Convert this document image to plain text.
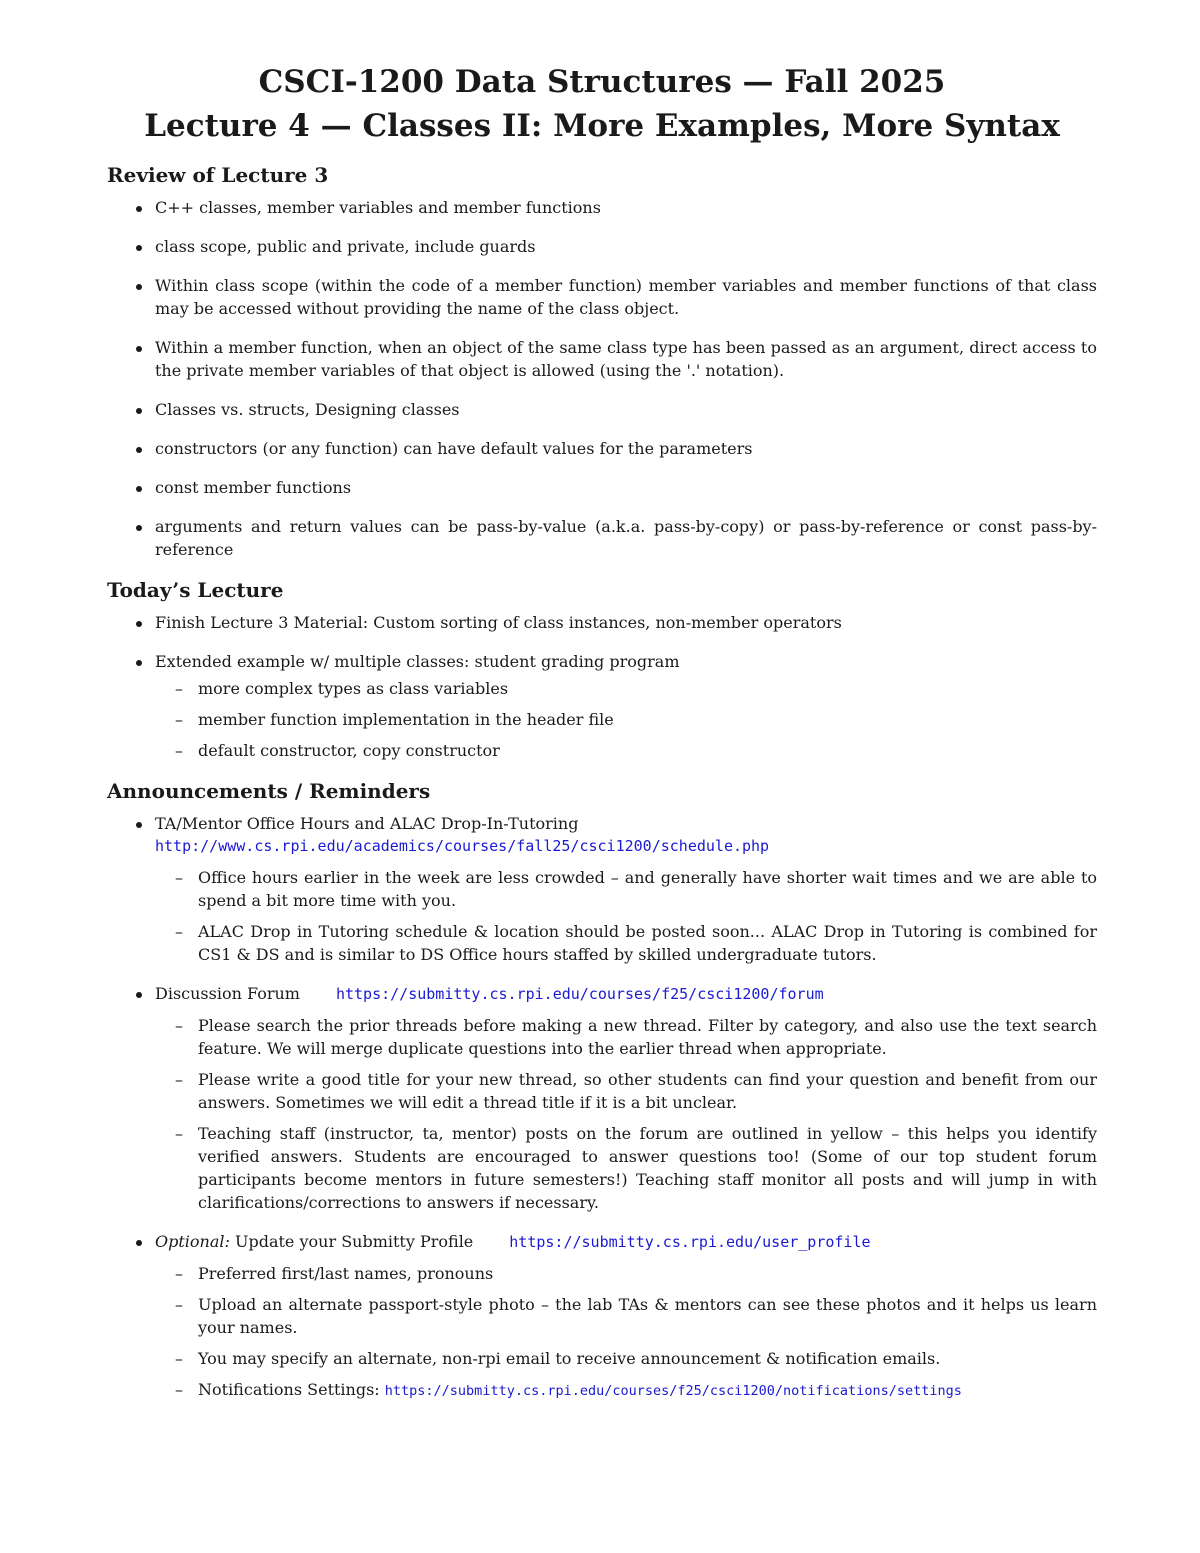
CSCI-1200 Data Structures — Fall 2025
Lecture 4 — Classes II: More Examples, More Syntax
Review of Lecture 3
C++ classes, member variables and member functions
class scope, public and private, include guards
Within class scope (within the code of a member function) member variables and member functions of that class may be accessed without providing the name of the class object.
Within a member function, when an object of the same class type has been passed as an argument, direct access to the private member variables of that object is allowed (using the '.' notation).
Classes vs. structs, Designing classes
constructors (or any function) can have default values for the parameters
const member functions
arguments and return values can be pass-by-value (a.k.a. pass-by-copy) or pass-by-reference or const pass-by-reference
Today’s Lecture
Finish Lecture 3 Material: Custom sorting of class instances, non-member operators
Extended example w/ multiple classes: student grading program
– more complex types as class variables
– member function implementation in the header file
– default constructor, copy constructor
Announcements / Reminders
TA/Mentor Office Hours and ALAC Drop-In-Tutoring
http://www.cs.rpi.edu/academics/courses/fall25/csci1200/schedule.php
– Office hours earlier in the week are less crowded – and generally have shorter wait times and we are able to spend a bit more time with you.
– ALAC Drop in Tutoring schedule & location should be posted soon... ALAC Drop in Tutoring is combined for CS1 & DS and is similar to DS Office hours staffed by skilled undergraduate tutors.
Discussion Forum https://submitty.cs.rpi.edu/courses/f25/csci1200/forum
– Please search the prior threads before making a new thread. Filter by category, and also use the text search feature. We will merge duplicate questions into the earlier thread when appropriate.
– Please write a good title for your new thread, so other students can find your question and benefit from our answers. Sometimes we will edit a thread title if it is a bit unclear.
– Teaching staff (instructor, ta, mentor) posts on the forum are outlined in yellow – this helps you identify verified answers. Students are encouraged to answer questions too! (Some of our top student forum participants become mentors in future semesters!) Teaching staff monitor all posts and will jump in with clarifications/corrections to answers if necessary.
Optional: Update your Submitty Profile https://submitty.cs.rpi.edu/user_profile
– Preferred first/last names, pronouns
– Upload an alternate passport-style photo – the lab TAs & mentors can see these photos and it helps us learn your names.
– You may specify an alternate, non-rpi email to receive announcement & notification emails.
– Notifications Settings: https://submitty.cs.rpi.edu/courses/f25/csci1200/notifications/settings
